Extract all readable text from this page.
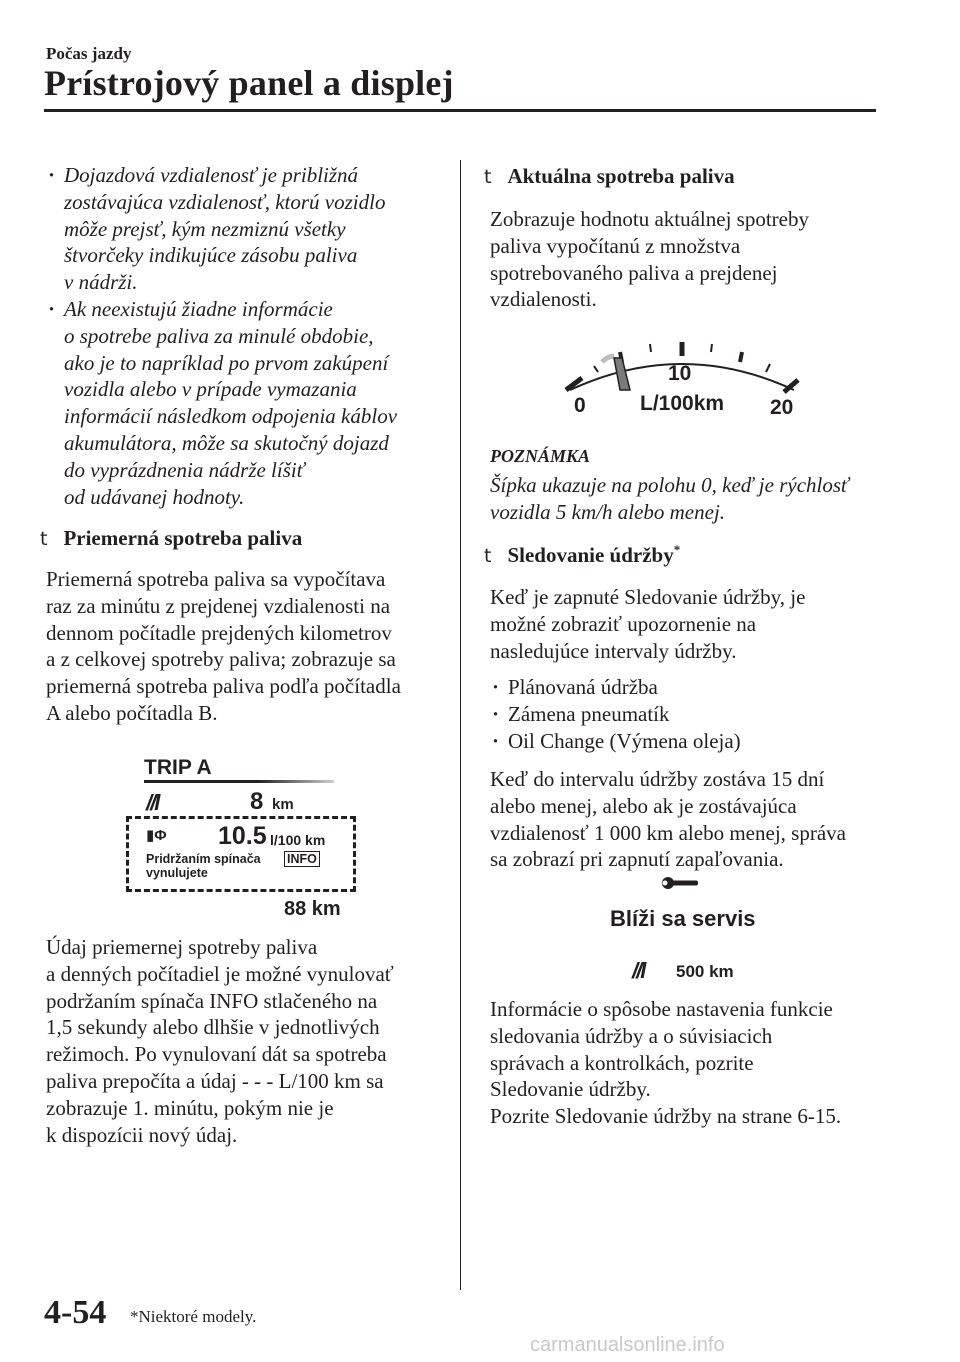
Počas jazdy
Prístrojový panel a displej
· Dojazdová vzdialenosť je približná
zostávajúca vzdialenosť, ktorú vozidlo
môže prejsť, kým nezmiznú všetky
štvorčeky indikujúce zásobu paliva
v nádrži.
· Ak neexistujú žiadne informácie
o spotrebe paliva za minulé obdobie,
ako je to napríklad po prvom zakúpení
vozidla alebo v prípade vymazania
informácií následkom odpojenia káblov
akumulátora, môže sa skutočný dojazd
do vyprázdnenia nádrže líšiť
od udávanej hodnoty.
t Priemerná spotreba paliva
Priemerná spotreba paliva sa vypočítava
raz za minútu z prejdenej vzdialenosti na
dennom počítadle prejdených kilometrov
a z celkovej spotreby paliva; zobrazuje sa
priemerná spotreba paliva podľa počítadla
A alebo počítadla B.
TRIP A
//l	8 km
▮Φ 10.5 l/100 km
Pridržaním spínača INFO
vynulujete
88 km
Údaj priemernej spotreby paliva
a denných počítadiel je možné vynulovať
podržaním spínača INFO stlačeného na
1,5 sekundy alebo dlhšie v jednotlivých
režimoch. Po vynulovaní dát sa spotreba
paliva prepočíta a údaj - - - L/100 km sa
zobrazuje 1. minútu, pokým nie je
k dispozícii nový údaj.
t Aktuálna spotreba paliva
Zobrazuje hodnotu aktuálnej spotreby
paliva vypočítanú z množstva
spotrebovaného paliva a prejdenej
vzdialenosti.
0
10
20
L/100km
POZNÁMKA
Šípka ukazuje na polohu 0, keď je rýchlosť
vozidla 5 km/h alebo menej.
t Sledovanie údržby*
Keď je zapnuté Sledovanie údržby, je
možné zobraziť upozornenie na
nasledujúce intervaly údržby.
· Plánovaná údržba
· Zámena pneumatík
· Oil Change (Výmena oleja)
Keď do intervalu údržby zostáva 15 dní
alebo menej, alebo ak je zostávajúca
vzdialenosť 1 000 km alebo menej, správa
sa zobrazí pri zapnutí zapaľovania.
Blíži sa servis
//l 500 km
Informácie o spôsobe nastavenia funkcie
sledovania údržby a o súvisiacich
správach a kontrolkách, pozrite
Sledovanie údržby.
Pozrite Sledovanie údržby na strane 6-15.
4-54 *Niektoré modely.
carmanualsonline.info
